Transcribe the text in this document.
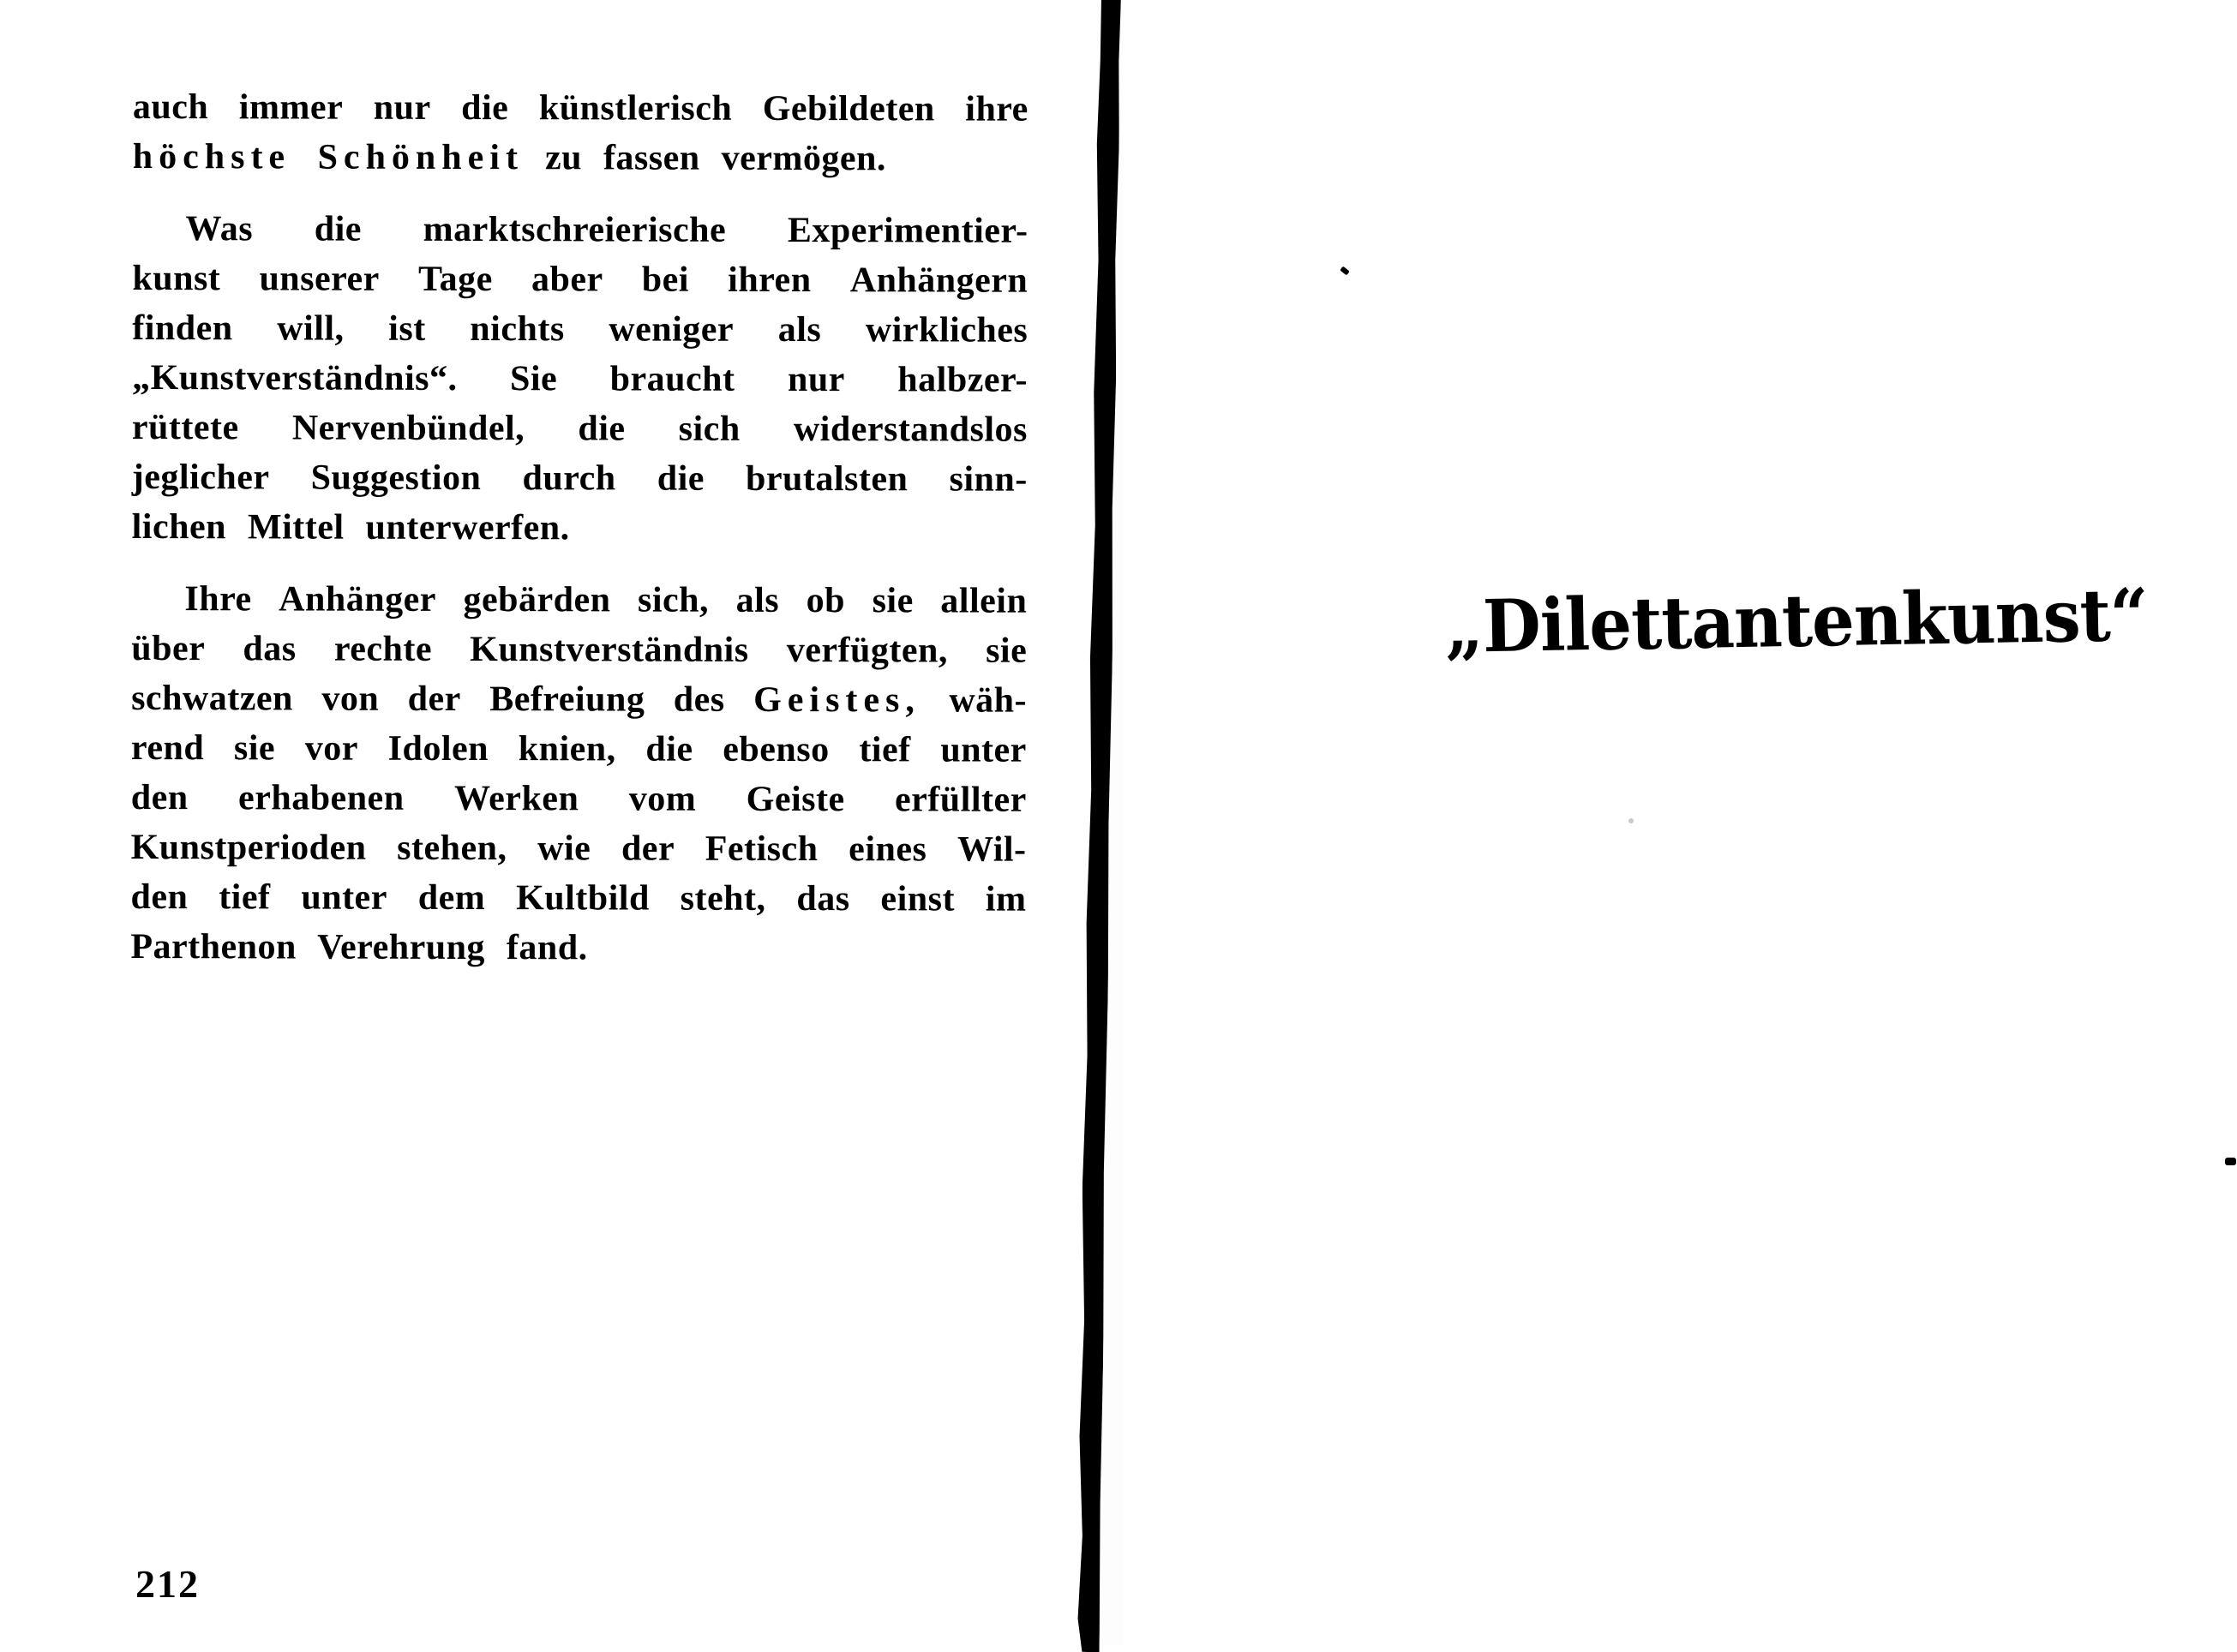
auch immer nur die künstlerisch Gebildeten ihre
höchste Schönheit zu fassen vermögen.
Was die marktschreierische Experimentier-
kunst unserer Tage aber bei ihren Anhängern
finden will, ist nichts weniger als wirkliches
„Kunstverständnis“. Sie braucht nur halbzer-
rüttete Nervenbündel, die sich widerstandslos
jeglicher Suggestion durch die brutalsten sinn-
lichen Mittel unterwerfen.
Ihre Anhänger gebärden sich, als ob sie allein
über das rechte Kunstverständnis verfügten, sie
schwatzen von der Befreiung des Geistes, wäh-
rend sie vor Idolen knien, die ebenso tief unter
den erhabenen Werken vom Geiste erfüllter
Kunstperioden stehen, wie der Fetisch eines Wil-
den tief unter dem Kultbild steht, das einst im
Parthenon Verehrung fand.
212
„Dilettantenkunst“
